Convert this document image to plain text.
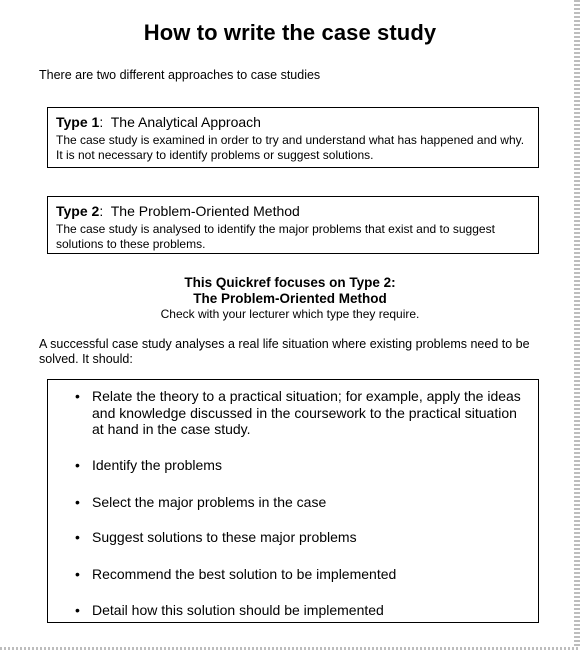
How to write the case study
There are two different approaches to case studies
Type 1:  The Analytical Approach
The case study is examined in order to try and understand what has happened and why.
It is not necessary to identify problems or suggest solutions.
Type 2:  The Problem-Oriented Method
The case study is analysed to identify the major problems that exist and to suggest
solutions to these problems.
This Quickref focuses on Type 2:
The Problem-Oriented Method
Check with your lecturer which type they require.
A successful case study analyses a real life situation where existing problems need to be
solved. It should:
• Relate the theory to a practical situation; for example, apply the ideas
and knowledge discussed in the coursework to the practical situation
at hand in the case study.
• Identify the problems
• Select the major problems in the case
• Suggest solutions to these major problems
• Recommend the best solution to be implemented
• Detail how this solution should be implemented
